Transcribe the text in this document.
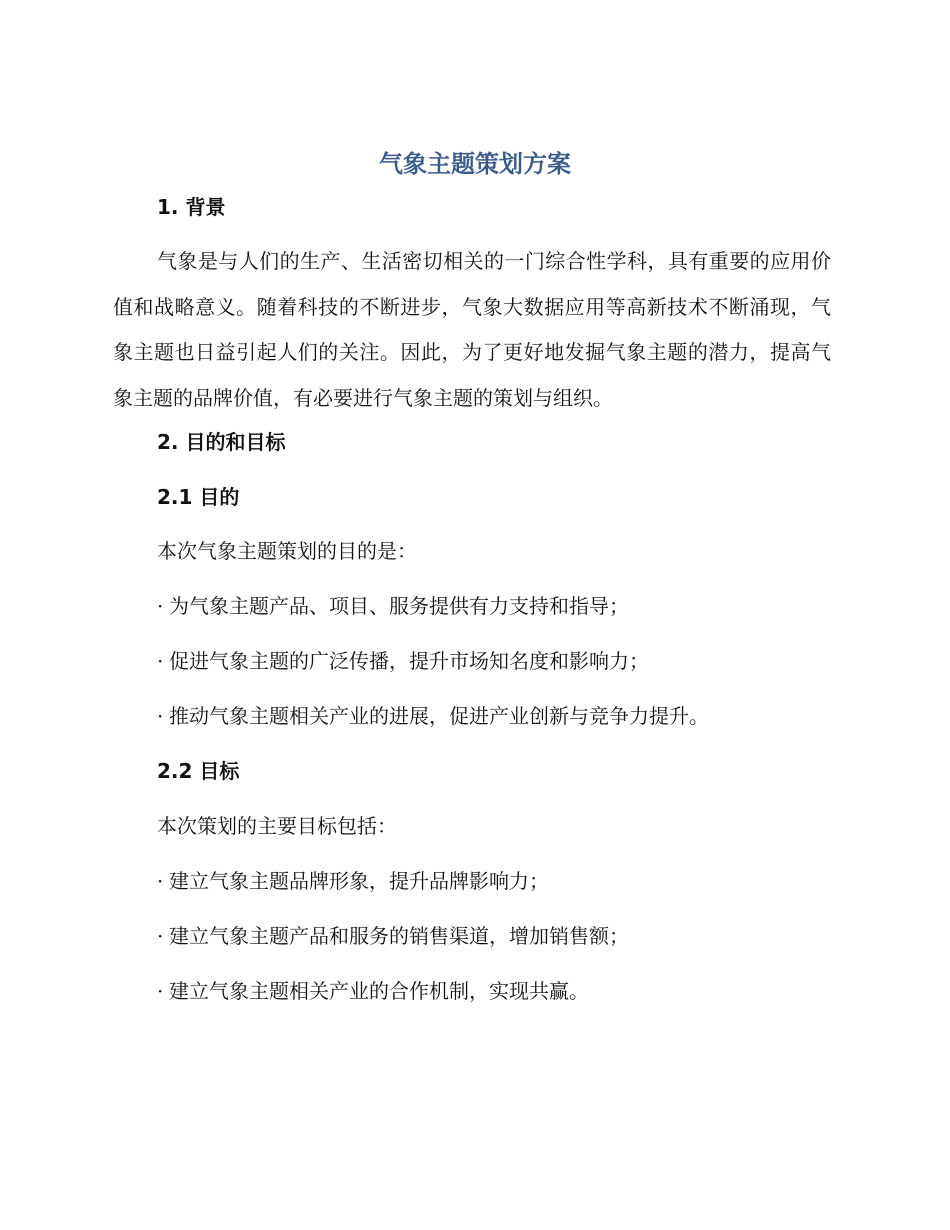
气象主题策划方案
1. 背景
气象是与人们的生产、生活密切相关的一门综合性学科，具有重要的应用价值和战略意义。随着科技的不断进步，气象大数据应用等高新技术不断涌现，气象主题也日益引起人们的关注。因此，为了更好地发掘气象主题的潜力，提高气象主题的品牌价值，有必要进行气象主题的策划与组织。
2. 目的和目标
2.1 目的
本次气象主题策划的目的是：
· 为气象主题产品、项目、服务提供有力支持和指导；
· 促进气象主题的广泛传播，提升市场知名度和影响力；
· 推动气象主题相关产业的进展，促进产业创新与竞争力提升。
2.2 目标
本次策划的主要目标包括：
· 建立气象主题品牌形象，提升品牌影响力；
· 建立气象主题产品和服务的销售渠道，增加销售额；
· 建立气象主题相关产业的合作机制，实现共赢。
